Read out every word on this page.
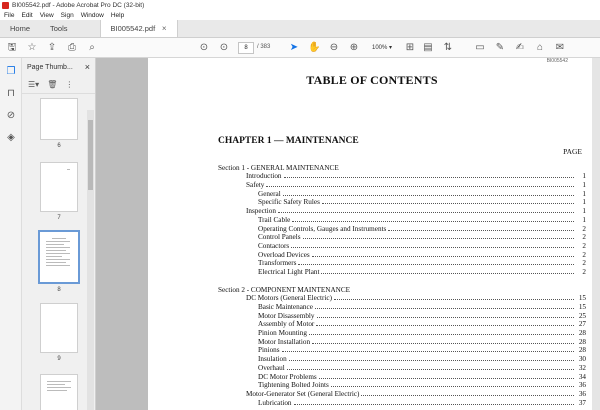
BI005542.pdf - Adobe Acrobat Pro DC (32-bit)
File Edit View Sign Window Help
Home	Tools	BI005542.pdf ×
🖫 ☆ ⇪ ⎙	⌕	⊙ ⊙	8	/ 383 ➤ ✋ ⊖ ⊕	100% ▾	⊞ ▤ ⇅ ▭ ✎ ✍ ⌂ ✉
❐
⊓
⊘
◈
Page Thumb... ×
☰▾ 🗑 ⋮
6
7
8
9
BI005542
TABLE OF CONTENTS
CHAPTER 1 — MAINTENANCE
PAGE
Section 1 - GENERAL MAINTENANCE
Introduction	1
Safety	1
General	1
Specific Safety Rules	1
Inspection	1
Trail Cable	1
Operating Controls, Gauges and Instruments	2
Control Panels	2
Contactors	2
Overload Devices	2
Transformers	2
Electrical Light Plant	2
Section 2 - COMPONENT MAINTENANCE
DC Motors (General Electric)	15
Basic Maintenance	15
Motor Disassembly	25
Assembly of Motor	27
Pinion Mounting	28
Motor Installation	28
Pinions	28
Insulation	30
Overhaul	32
DC Motor Problems	34
Tightening Bolted Joints	36
Motor-Generator Set (General Electric)	36
Lubrication	37
